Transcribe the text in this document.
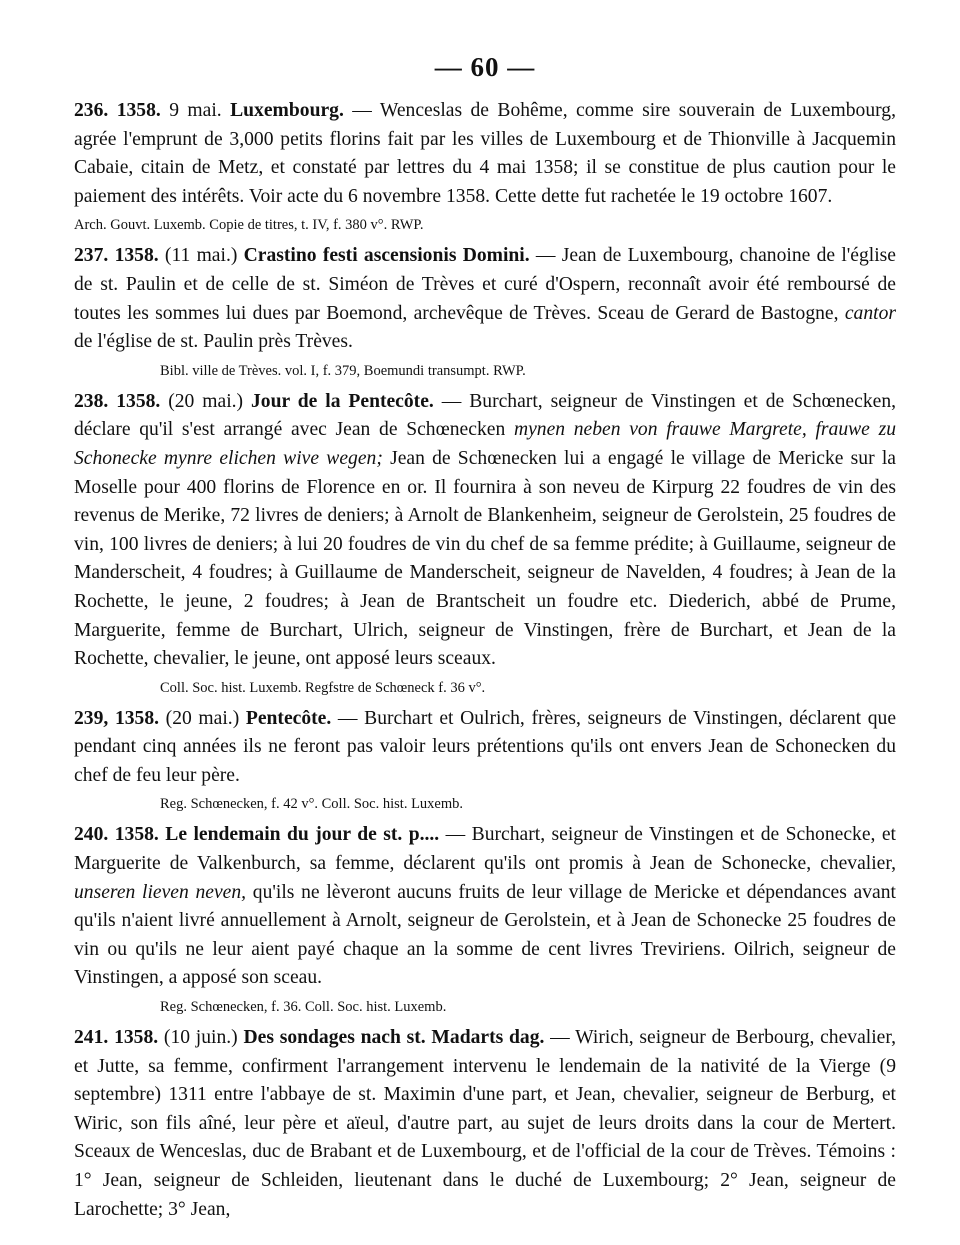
— 60 —

236. 1358. 9 mai. Luxembourg. — Wenceslas de Bohême, comme sire souverain de Luxembourg, agrée l'emprunt de 3,000 petits florins fait par les villes de Luxembourg et de Thionville à Jacquemin Cabaie, citain de Metz, et constaté par lettres du 4 mai 1358; il se constitue de plus caution pour le paiement des intérêts. Voir acte du 6 novembre 1358. Cette dette fut rachetée le 19 octobre 1607.

Arch. Gouvt. Luxemb. Copie de titres, t. IV, f. 380 v°. RWP.

237. 1358. (11 mai.) Crastino festi ascensionis Domini. — Jean de Luxembourg, chanoine de l'église de st. Paulin et de celle de st. Siméon de Trèves et curé d'Ospern, reconnaît avoir été remboursé de toutes les sommes lui dues par Boemond, archevêque de Trèves. Sceau de Gerard de Bastogne, cantor de l'église de st. Paulin près Trèves.

Bibl. ville de Trèves. vol. I, f. 379, Boemundi transumpt. RWP.

238. 1358. (20 mai.) Jour de la Pentecôte. — Burchart, seigneur de Vinstingen et de Schœnecken, déclare qu'il s'est arrangé avec Jean de Schœnecken mynen neben von frauwe Margrete, frauwe zu Schonecke mynre elichen wive wegen; Jean de Schœnecken lui a engagé le village de Mericke sur la Moselle pour 400 florins de Florence en or. Il fournira à son neveu de Kirpurg 22 foudres de vin des revenus de Merike, 72 livres de deniers; à Arnolt de Blankenheim, seigneur de Gerolstein, 25 foudres de vin, 100 livres de deniers; à lui 20 foudres de vin du chef de sa femme prédite; à Guillaume, seigneur de Manderscheit, 4 foudres; à Guillaume de Manderscheit, seigneur de Navelden, 4 foudres; à Jean de la Rochette, le jeune, 2 foudres; à Jean de Brantscheit un foudre etc. Diederich, abbé de Prume, Marguerite, femme de Burchart, Ulrich, seigneur de Vinstingen, frère de Burchart, et Jean de la Rochette, chevalier, le jeune, ont apposé leurs sceaux.

Coll. Soc. hist. Luxemb. Regfstre de Schœneck f. 36 v°.

239, 1358. (20 mai.) Pentecôte. — Burchart et Oulrich, frères, seigneurs de Vinstingen, déclarent que pendant cinq années ils ne feront pas valoir leurs prétentions qu'ils ont envers Jean de Schonecken du chef de feu leur père.

Reg. Schœnecken, f. 42 v°. Coll. Soc. hist. Luxemb.

240. 1358. Le lendemain du jour de st. p.... — Burchart, seigneur de Vinstingen et de Schonecke, et Marguerite de Valkenburch, sa femme, déclarent qu'ils ont promis à Jean de Schonecke, chevalier, unseren lieven neven, qu'ils ne lèveront aucuns fruits de leur village de Mericke et dépendances avant qu'ils n'aient livré annuellement à Arnolt, seigneur de Gerolstein, et à Jean de Schonecke 25 foudres de vin ou qu'ils ne leur aient payé chaque an la somme de cent livres Treviriens. Oilrich, seigneur de Vinstingen, a apposé son sceau.

Reg. Schœnecken, f. 36. Coll. Soc. hist. Luxemb.

241. 1358. (10 juin.) Des sondages nach st. Madarts dag. — Wirich, seigneur de Berbourg, chevalier, et Jutte, sa femme, confirment l'arrangement intervenu le lendemain de la nativité de la Vierge (9 septembre) 1311 entre l'abbaye de st. Maximin d'une part, et Jean, chevalier, seigneur de Berburg, et Wiric, son fils aîné, leur père et aïeul, d'autre part, au sujet de leurs droits dans la cour de Mertert. Sceaux de Wenceslas, duc de Brabant et de Luxembourg, et de l'official de la cour de Trèves. Témoins : 1° Jean, seigneur de Schleiden, lieutenant dans le duché de Luxembourg; 2° Jean, seigneur de Larochette; 3° Jean,
